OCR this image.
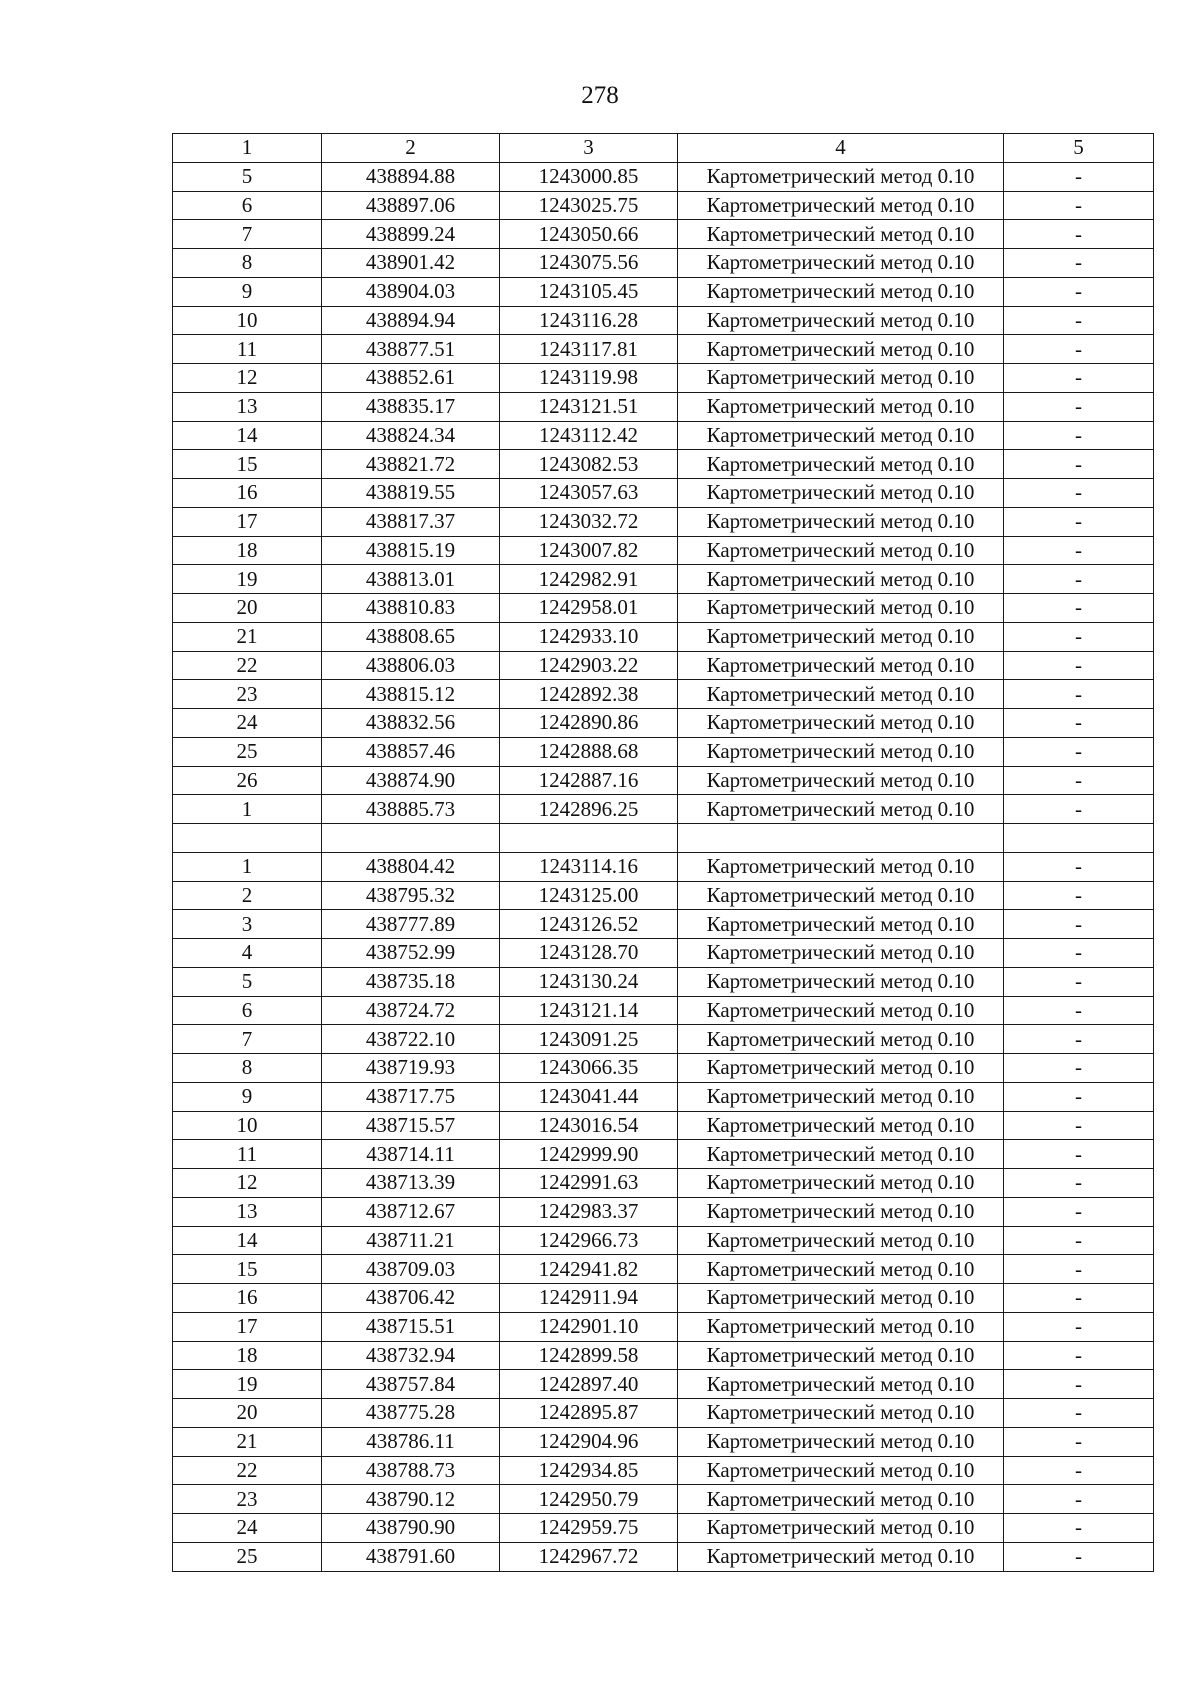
278
1	2	3	4	5
5	438894.88	1243000.85	Картометрический метод 0.10	-
6	438897.06	1243025.75	Картометрический метод 0.10	-
7	438899.24	1243050.66	Картометрический метод 0.10	-
8	438901.42	1243075.56	Картометрический метод 0.10	-
9	438904.03	1243105.45	Картометрический метод 0.10	-
10	438894.94	1243116.28	Картометрический метод 0.10	-
11	438877.51	1243117.81	Картометрический метод 0.10	-
12	438852.61	1243119.98	Картометрический метод 0.10	-
13	438835.17	1243121.51	Картометрический метод 0.10	-
14	438824.34	1243112.42	Картометрический метод 0.10	-
15	438821.72	1243082.53	Картометрический метод 0.10	-
16	438819.55	1243057.63	Картометрический метод 0.10	-
17	438817.37	1243032.72	Картометрический метод 0.10	-
18	438815.19	1243007.82	Картометрический метод 0.10	-
19	438813.01	1242982.91	Картометрический метод 0.10	-
20	438810.83	1242958.01	Картометрический метод 0.10	-
21	438808.65	1242933.10	Картометрический метод 0.10	-
22	438806.03	1242903.22	Картометрический метод 0.10	-
23	438815.12	1242892.38	Картометрический метод 0.10	-
24	438832.56	1242890.86	Картометрический метод 0.10	-
25	438857.46	1242888.68	Картометрический метод 0.10	-
26	438874.90	1242887.16	Картометрический метод 0.10	-
1	438885.73	1242896.25	Картометрический метод 0.10	-

1	438804.42	1243114.16	Картометрический метод 0.10	-
2	438795.32	1243125.00	Картометрический метод 0.10	-
3	438777.89	1243126.52	Картометрический метод 0.10	-
4	438752.99	1243128.70	Картометрический метод 0.10	-
5	438735.18	1243130.24	Картометрический метод 0.10	-
6	438724.72	1243121.14	Картометрический метод 0.10	-
7	438722.10	1243091.25	Картометрический метод 0.10	-
8	438719.93	1243066.35	Картометрический метод 0.10	-
9	438717.75	1243041.44	Картометрический метод 0.10	-
10	438715.57	1243016.54	Картометрический метод 0.10	-
11	438714.11	1242999.90	Картометрический метод 0.10	-
12	438713.39	1242991.63	Картометрический метод 0.10	-
13	438712.67	1242983.37	Картометрический метод 0.10	-
14	438711.21	1242966.73	Картометрический метод 0.10	-
15	438709.03	1242941.82	Картометрический метод 0.10	-
16	438706.42	1242911.94	Картометрический метод 0.10	-
17	438715.51	1242901.10	Картометрический метод 0.10	-
18	438732.94	1242899.58	Картометрический метод 0.10	-
19	438757.84	1242897.40	Картометрический метод 0.10	-
20	438775.28	1242895.87	Картометрический метод 0.10	-
21	438786.11	1242904.96	Картометрический метод 0.10	-
22	438788.73	1242934.85	Картометрический метод 0.10	-
23	438790.12	1242950.79	Картометрический метод 0.10	-
24	438790.90	1242959.75	Картометрический метод 0.10	-
25	438791.60	1242967.72	Картометрический метод 0.10	-
